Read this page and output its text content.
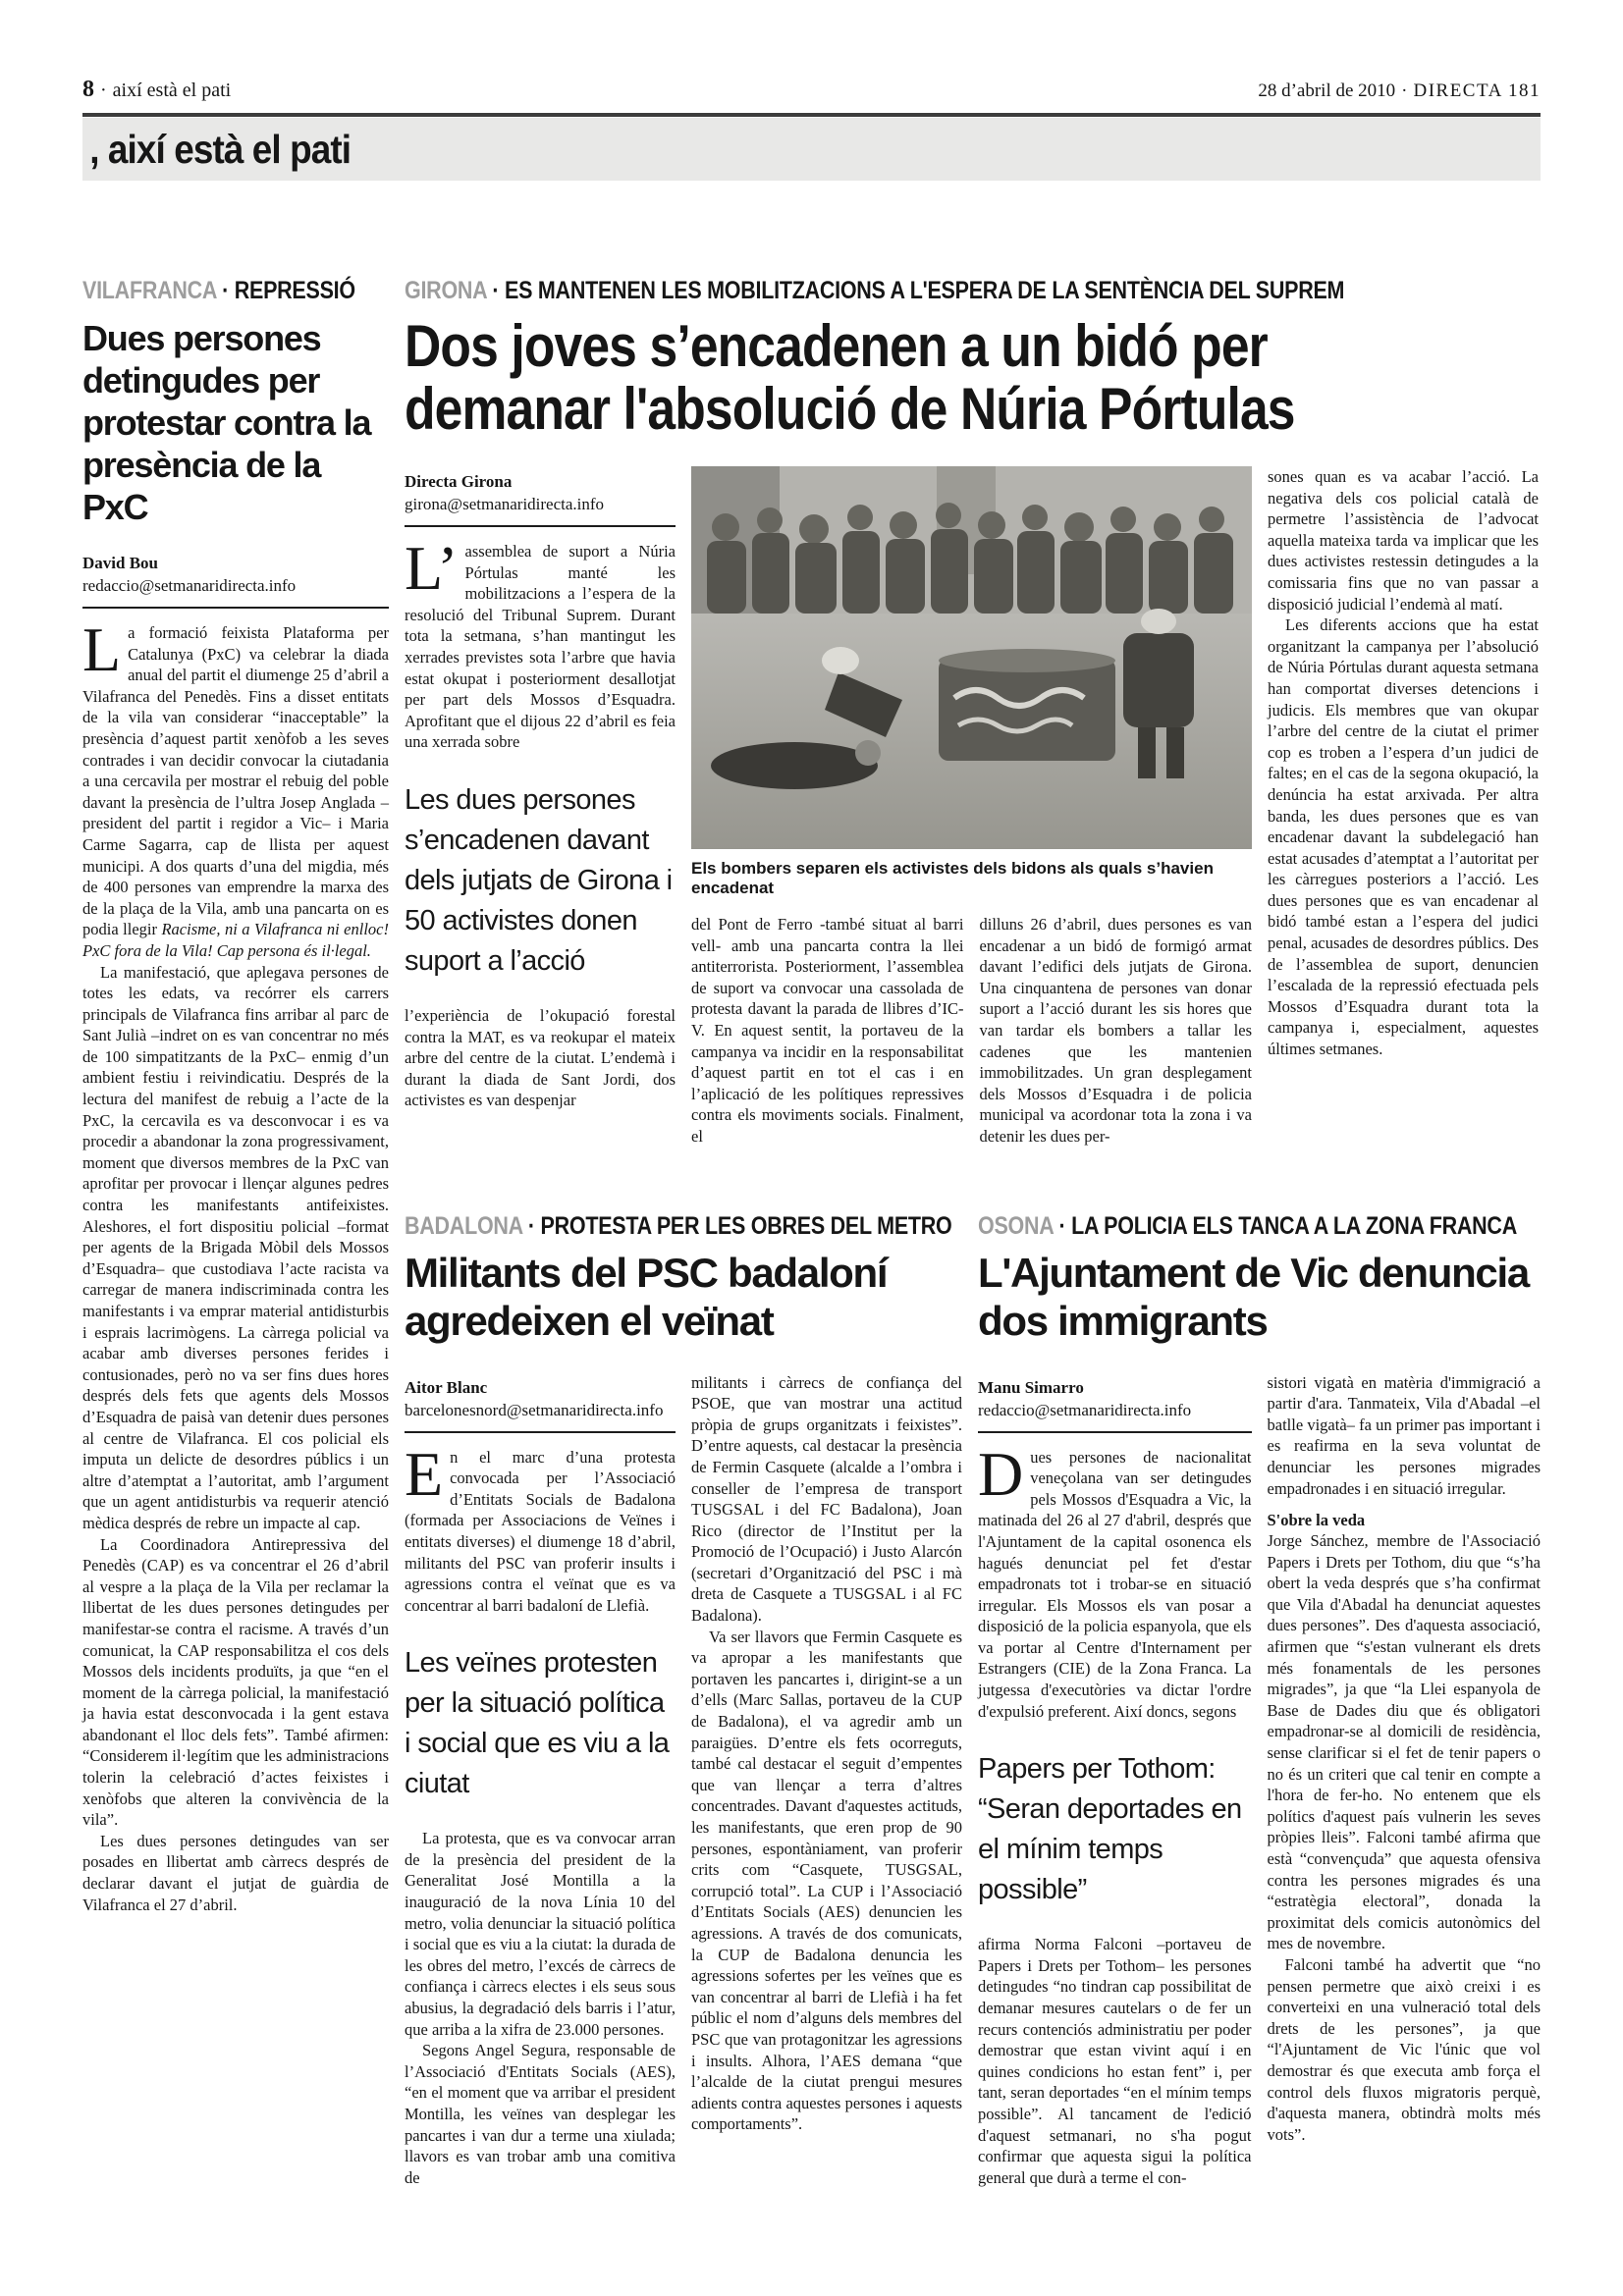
8 · així està el pati	28 d’abril de 2010 · DIRECTA 181
, així està el pati
VILAFRANCA · REPRESSIÓ
Dues persones detingudes per protestar contra la presència de la PxC
David Bou
redaccio@setmanaridirecta.info

La formació feixista Plataforma per Catalunya (PxC) va celebrar la diada anual del partit el diumenge 25 d’abril a Vilafranca del Penedès. Fins a disset entitats de la vila van considerar “inacceptable” la presència d’aquest partit xenòfob a les seves contrades i van decidir convocar la ciutadania a una cercavila per mostrar el rebuig del poble davant la presència de l’ultra Josep Anglada –president del partit i regidor a Vic– i Maria Carme Sagarra, cap de llista per aquest municipi. A dos quarts d’una del migdia, més de 400 persones van emprendre la marxa des de la plaça de la Vila, amb una pancarta on es podia llegir Racisme, ni a Vilafranca ni enlloc! PxC fora de la Vila! Cap persona és il·legal.

La manifestació, que aplegava persones de totes les edats, va recórrer els carrers principals de Vilafranca fins arribar al parc de Sant Julià –indret on es van concentrar no més de 100 simpatitzants de la PxC– enmig d’un ambient festiu i reivindicatiu. Després de la lectura del manifest de rebuig a l’acte de la PxC, la cercavila es va desconvocar i es va procedir a abandonar la zona progressivament, moment que diversos membres de la PxC van aprofitar per provocar i llençar algunes pedres contra les manifestants antifeixistes. Aleshores, el fort dispositiu policial –format per agents de la Brigada Mòbil dels Mossos d’Esquadra– que custodiava l’acte racista va carregar de manera indiscriminada contra les manifestants i va emprar material antidisturbis i esprais lacrimògens. La càrrega policial va acabar amb diverses persones ferides i contusionades, però no va ser fins dues hores després dels fets que agents dels Mossos d’Esquadra de paisà van detenir dues persones al centre de Vilafranca. El cos policial els imputa un delicte de desordres públics i un altre d’atemptat a l’autoritat, amb l’argument que un agent antidisturbis va requerir atenció mèdica després de rebre un impacte al cap.

La Coordinadora Antirepressiva del Penedès (CAP) es va concentrar el 26 d’abril al vespre a la plaça de la Vila per reclamar la llibertat de les dues persones detingudes per manifestar-se contra el racisme. A través d’un comunicat, la CAP responsabilitza el cos dels Mossos dels incidents produïts, ja que “en el moment de la càrrega policial, la manifestació ja havia estat desconvocada i la gent estava abandonant el lloc dels fets”. També afirmen: “Considerem il·legítim que les administracions tolerin la celebració d’actes feixistes i xenòfobs que alteren la convivència de la vila”.

Les dues persones detingudes van ser posades en llibertat amb càrrecs després de declarar davant el jutjat de guàrdia de Vilafranca el 27 d’abril.

GIRONA · ES MANTENEN LES MOBILITZACIONS A L'ESPERA DE LA SENTÈNCIA DEL SUPREM
Dos joves s’encadenen a un bidó per
demanar l'absolució de Núria Pórtulas
Directa Girona
girona@setmanaridirecta.info

L’ assemblea de suport a Núria Pórtulas manté les mobilitzacions a l’espera de la resolució del Tribunal Suprem. Durant tota la setmana, s’han mantingut les xerrades previstes sota l’arbre que havia estat okupat i posteriorment desallotjat per part dels Mossos d’Esquadra. Aprofitant que el dijous 22 d’abril es feia una xerrada sobre

Les dues persones s’encadenen davant dels jutjats de Girona i 50 activistes donen suport a l’acció

l’experiència de l’okupació forestal contra la MAT, es va reokupar el mateix arbre del centre de la ciutat. L’endemà i durant la diada de Sant Jordi, dos activistes es van despenjar

Els bombers separen els activistes dels bidons als quals s’havien encadenat

del Pont de Ferro -també situat al barri vell- amb una pancarta contra la llei antiterrorista. Posteriorment, l’assemblea de suport va convocar una cassolada de protesta davant la parada de llibres d’IC-V. En aquest sentit, la portaveu de la campanya va incidir en la responsabilitat d’aquest partit en tot el cas i en l’aplicació de les polítiques repressives contra els moviments socials. Finalment, el

dilluns 26 d’abril, dues persones es van encadenar a un bidó de formigó armat davant l’edifici dels jutjats de Girona. Una cinquantena de persones van donar suport a l’acció durant les sis hores que van tardar els bombers a tallar les cadenes que les mantenien immobilitzades. Un gran desplegament dels Mossos d’Esquadra i de policia municipal va acordonar tota la zona i va detenir les dues per-

sones quan es va acabar l’acció. La negativa dels cos policial català de permetre l’assistència de l’advocat aquella mateixa tarda va implicar que les dues activistes restessin detingudes a la comissaria fins que no van passar a disposició judicial l’endemà al matí.

Les diferents accions que ha estat organitzant la campanya per l’absolució de Núria Pórtulas durant aquesta setmana han comportat diverses detencions i judicis. Els membres que van okupar l’arbre del centre de la ciutat el primer cop es troben a l’espera d’un judici de faltes; en el cas de la segona okupació, la denúncia ha estat arxivada. Per altra banda, les dues persones que es van encadenar davant la subdelegació han estat acusades d’atemptat a l’autoritat per les càrregues posteriors a l’acció. Les dues persones que es van encadenar al bidó també estan a l’espera del judici penal, acusades de desordres públics. Des de l’assemblea de suport, denuncien l’escalada de la repressió efectuada pels Mossos d’Esquadra durant tota la campanya i, especialment, aquestes últimes setmanes.

BADALONA · PROTESTA PER LES OBRES DEL METRO
Militants del PSC badaloní agredeixen el veïnat
Aitor Blanc
barcelonesnord@setmanaridirecta.info

En el marc d’una protesta convocada per l’Associació d’Entitats Socials de Badalona (formada per Associacions de Veïnes i entitats diverses) el diumenge 18 d’abril, militants del PSC van proferir insults i agressions contra el veïnat que es va concentrar al barri badaloní de Llefià.

Les veïnes protesten per la situació política i social que es viu a la ciutat

La protesta, que es va convocar arran de la presència del president de la Generalitat José Montilla a la inauguració de la nova Línia 10 del metro, volia denunciar la situació política i social que es viu a la ciutat: la durada de les obres del metro, l’excés de càrrecs de confiança i càrrecs electes i els seus sous abusius, la degradació dels barris i l’atur, que arriba a la xifra de 23.000 persones.

Segons Angel Segura, responsable de l’Associació d'Entitats Socials (AES), “en el moment que va arribar el president Montilla, les veïnes van desplegar les pancartes i van dur a terme una xiulada; llavors es van trobar amb una comitiva de

militants i càrrecs de confiança del PSOE, que van mostrar una actitud pròpia de grups organitzats i feixistes”. D’entre aquests, cal destacar la presència de Fermin Casquete (alcalde a l’ombra i conseller de l’empresa de transport TUSGSAL i del FC Badalona), Joan Rico (director de l’Institut per la Promoció de l’Ocupació) i Justo Alarcón (secretari d’Organització del PSC i mà dreta de Casquete a TUSGSAL i al FC Badalona).

Va ser llavors que Fermin Casquete es va apropar a les manifestants que portaven les pancartes i, dirigint-se a un d’ells (Marc Sallas, portaveu de la CUP de Badalona), el va agredir amb un paraigües. D’entre els fets ocorreguts, també cal destacar el seguit d’empentes que van llençar a terra d’altres concentrades. Davant d'aquestes actituds, les manifestants, que eren prop de 90 persones, espontàniament, van proferir crits com “Casquete, TUSGSAL, corrupció total”. La CUP i l’Associació d’Entitats Socials (AES) denuncien les agressions. A través de dos comunicats, la CUP de Badalona denuncia les agressions sofertes per les veïnes que es van concentrar al barri de Llefià i ha fet públic el nom d’alguns dels membres del PSC que van protagonitzar les agressions i insults. Alhora, l’AES demana “que l’alcalde de la ciutat prengui mesures adients contra aquestes persones i aquests comportaments”.

OSONA · LA POLICIA ELS TANCA A LA ZONA FRANCA
L'Ajuntament de Vic denuncia dos immigrants
Manu Simarro
redaccio@setmanaridirecta.info

Dues persones de nacionalitat veneçolana van ser detingudes pels Mossos d'Esquadra a Vic, la matinada del 26 al 27 d'abril, després que l'Ajuntament de la capital osonenca els hagués denunciat pel fet d'estar empadronats tot i trobar-se en situació irregular. Els Mossos els van posar a disposició de la policia espanyola, que els va portar al Centre d'Internament per Estrangers (CIE) de la Zona Franca. La jutgessa d'executòries va dictar l'ordre d'expulsió preferent. Així doncs, segons

Papers per Tothom: “Seran deportades en el mínim temps possible”

afirma Norma Falconi –portaveu de Papers i Drets per Tothom– les persones detingudes “no tindran cap possibilitat de demanar mesures cautelars o de fer un recurs contenciós administratiu per poder demostrar que estan vivint aquí i en quines condicions ho estan fent” i, per tant, seran deportades “en el mínim temps possible”. Al tancament de l'edició d'aquest setmanari, no s'ha pogut confirmar que aquesta sigui la política general que durà a terme el con-

sistori vigatà en matèria d'immigració a partir d'ara. Tanmateix, Vila d'Abadal –el batlle vigatà– fa un primer pas important i es reafirma en la seva voluntat de denunciar les persones migrades empadronades i en situació irregular.

S'obre la veda

Jorge Sánchez, membre de l'Associació Papers i Drets per Tothom, diu que “s’ha obert la veda després que s’ha confirmat que Vila d'Abadal ha denunciat aquestes dues persones”. Des d'aquesta associació, afirmen que “s'estan vulnerant els drets més fonamentals de les persones migrades”, ja que “la Llei espanyola de Base de Dades diu que és obligatori empadronar-se al domicili de residència, sense clarificar si el fet de tenir papers o no és un criteri que cal tenir en compte a l'hora de fer-ho. No entenem que els polítics d'aquest país vulnerin les seves pròpies lleis”. Falconi també afirma que està “convençuda” que aquesta ofensiva contra les persones migrades és una “estratègia electoral”, donada la proximitat dels comicis autonòmics del mes de novembre.

Falconi també ha advertit que “no pensen permetre que això creixi i es converteixi en una vulneració total dels drets de les persones”, ja que “l'Ajuntament de Vic l'únic que vol demostrar és que executa amb força el control dels fluxos migratoris perquè, d'aquesta manera, obtindrà molts més vots”.
